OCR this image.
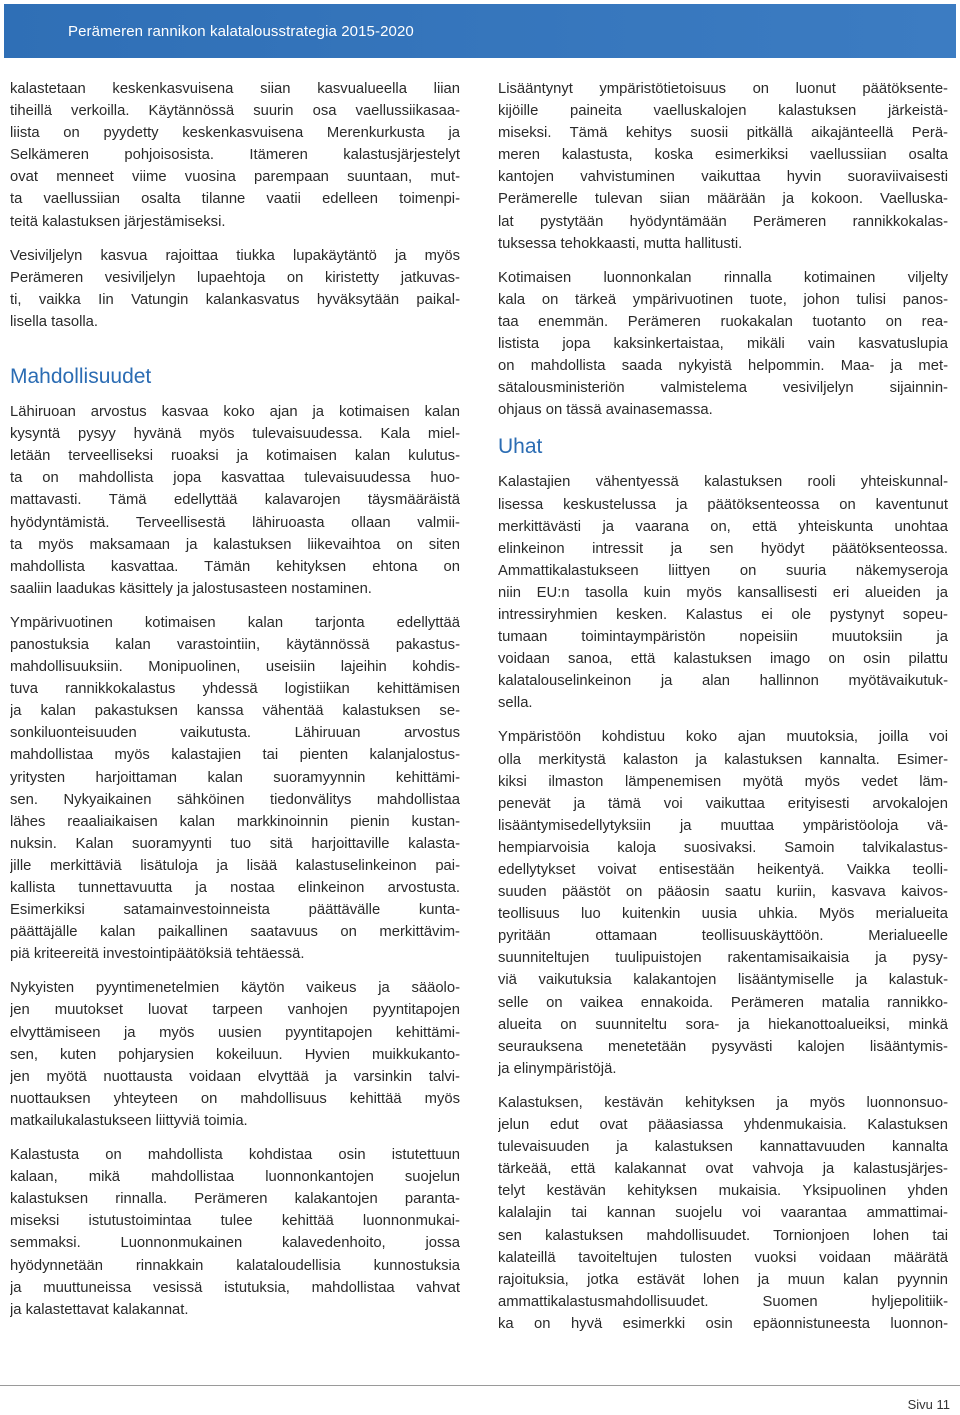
Perämeren rannikon kalatalousstrategia 2015-2020
kalastetaan keskenkasvuisena siian kasvualueella liian
tiheillä verkoilla. Käytännössä suurin osa vaellussiikasaa-
liista on pyydetty keskenkasvuisena Merenkurkusta ja
Selkämeren pohjoisosista. Itämeren kalastusjärjestelyt
ovat menneet viime vuosina parempaan suuntaan, mut-
ta vaellussiian osalta tilanne vaatii edelleen toimenpi-
teitä kalastuksen järjestämiseksi.
Vesiviljelyn kasvua rajoittaa tiukka lupakäytäntö ja myös
Perämeren vesiviljelyn lupaehtoja on kiristetty jatkuvas-
ti, vaikka Iin Vatungin kalankasvatus hyväksytään paikal-
lisella tasolla.
Mahdollisuudet
Lähiruoan arvostus kasvaa koko ajan ja kotimaisen kalan
kysyntä pysyy hyvänä myös tulevaisuudessa. Kala miel-
letään terveelliseksi ruoaksi ja kotimaisen kalan kulutus-
ta on mahdollista jopa kasvattaa tulevaisuudessa huo-
mattavasti. Tämä edellyttää kalavarojen täysmääräistä
hyödyntämistä. Terveellisestä lähiruoasta ollaan valmii-
ta myös maksamaan ja kalastuksen liikevaihtoa on siten
mahdollista kasvattaa. Tämän kehityksen ehtona on
saaliin laadukas käsittely ja jalostusasteen nostaminen.
Ympärivuotinen kotimaisen kalan tarjonta edellyttää
panostuksia kalan varastointiin, käytännössä pakastus-
mahdollisuuksiin. Monipuolinen, useisiin lajeihin kohdis-
tuva rannikkokalastus yhdessä logistiikan kehittämisen
ja kalan pakastuksen kanssa vähentää kalastuksen se-
sonkiluonteisuuden vaikutusta. Lähiruuan arvostus
mahdollistaa myös kalastajien tai pienten kalanjalostus-
yritysten harjoittaman kalan suoramyynnin kehittämi-
sen. Nykyaikainen sähköinen tiedonvälitys mahdollistaa
lähes reaaliaikaisen kalan markkinoinnin pienin kustan-
nuksin. Kalan suoramyynti tuo sitä harjoittaville kalasta-
jille merkittäviä lisätuloja ja lisää kalastuselinkeinon pai-
kallista tunnettavuutta ja nostaa elinkeinon arvostusta.
Esimerkiksi satamainvestoinneista päättävälle kunta-
päättäjälle kalan paikallinen saatavuus on merkittävim-
piä kriteereitä investointipäätöksiä tehtäessä.
Nykyisten pyyntimenetelmien käytön vaikeus ja sääolo-
jen muutokset luovat tarpeen vanhojen pyyntitapojen
elvyttämiseen ja myös uusien pyyntitapojen kehittämi-
sen, kuten pohjarysien kokeiluun. Hyvien muikkukanto-
jen myötä nuottausta voidaan elvyttää ja varsinkin talvi-
nuottauksen yhteyteen on mahdollisuus kehittää myös
matkailukalastukseen liittyviä toimia.
Kalastusta on mahdollista kohdistaa osin istutettuun
kalaan, mikä mahdollistaa luonnonkantojen suojelun
kalastuksen rinnalla. Perämeren kalakantojen paranta-
miseksi istutustoimintaa tulee kehittää luonnonmukai-
semmaksi. Luonnonmukainen kalavedenhoito, jossa
hyödynnetään rinnakkain kalataloudellisia kunnostuksia
ja muuttuneissa vesissä istutuksia, mahdollistaa vahvat
ja kalastettavat kalakannat.
Lisääntynyt ympäristötietoisuus on luonut päätöksente-
kijöille paineita vaelluskalojen kalastuksen järkeistä-
miseksi. Tämä kehitys suosii pitkällä aikajänteellä Perä-
meren kalastusta, koska esimerkiksi vaellussiian osalta
kantojen vahvistuminen vaikuttaa hyvin suoraviivaisesti
Perämerelle tulevan siian määrään ja kokoon. Vaelluska-
lat pystytään hyödyntämään Perämeren rannikkokalas-
tuksessa tehokkaasti, mutta hallitusti.
Kotimaisen luonnonkalan rinnalla kotimainen viljelty
kala on tärkeä ympärivuotinen tuote, johon tulisi panos-
taa enemmän. Perämeren ruokakalan tuotanto on rea-
listista jopa kaksinkertaistaa, mikäli vain kasvatuslupia
on mahdollista saada nykyistä helpommin. Maa- ja met-
sätalousministeriön valmistelema vesiviljelyn sijainnin-
ohjaus on tässä avainasemassa.
Uhat
Kalastajien vähentyessä kalastuksen rooli yhteiskunnal-
lisessa keskustelussa ja päätöksenteossa on kaventunut
merkittävästi ja vaarana on, että yhteiskunta unohtaa
elinkeinon intressit ja sen hyödyt päätöksenteossa.
Ammattikalastukseen liittyen on suuria näkemyseroja
niin EU:n tasolla kuin myös kansallisesti eri alueiden ja
intressiryhmien kesken. Kalastus ei ole pystynyt sopeu-
tumaan toimintaympäristön nopeisiin muutoksiin ja
voidaan sanoa, että kalastuksen imago on osin pilattu
kalatalouselinkeinon ja alan hallinnon myötävaikutuk-
sella.
Ympäristöön kohdistuu koko ajan muutoksia, joilla voi
olla merkitystä kalaston ja kalastuksen kannalta. Esimer-
kiksi ilmaston lämpenemisen myötä myös vedet läm-
penevät ja tämä voi vaikuttaa erityisesti arvokalojen
lisääntymisedellytyksiin ja muuttaa ympäristöoloja vä-
hempiarvoisia kaloja suosivaksi. Samoin talvikalastus-
edellytykset voivat entisestään heikentyä. Vaikka teolli-
suuden päästöt on pääosin saatu kuriin, kasvava kaivos-
teollisuus luo kuitenkin uusia uhkia. Myös merialueita
pyritään ottamaan teollisuuskäyttöön. Merialueelle
suunniteltujen tuulipuistojen rakentamisaikaisia ja pysy-
viä vaikutuksia kalakantojen lisääntymiselle ja kalastuk-
selle on vaikea ennakoida. Perämeren matalia rannikko-
alueita on suunniteltu sora- ja hiekanottoalueiksi, minkä
seurauksena menetetään pysyvästi kalojen lisääntymis-
ja elinympäristöjä.
Kalastuksen, kestävän kehityksen ja myös luonnonsuo-
jelun edut ovat pääasiassa yhdenmukaisia. Kalastuksen
tulevaisuuden ja kalastuksen kannattavuuden kannalta
tärkeää, että kalakannat ovat vahvoja ja kalastusjärjes-
telyt kestävän kehityksen mukaisia. Yksipuolinen yhden
kalalajin tai kannan suojelu voi vaarantaa ammattimai-
sen kalastuksen mahdollisuudet. Tornionjoen lohen tai
kalateillä tavoiteltujen tulosten vuoksi voidaan määrätä
rajoituksia, jotka estävät lohen ja muun kalan pyynnin
ammattikalastusmahdollisuudet. Suomen hyljepolitiik-
ka on hyvä esimerkki osin epäonnistuneesta luonnon-
Sivu 11
